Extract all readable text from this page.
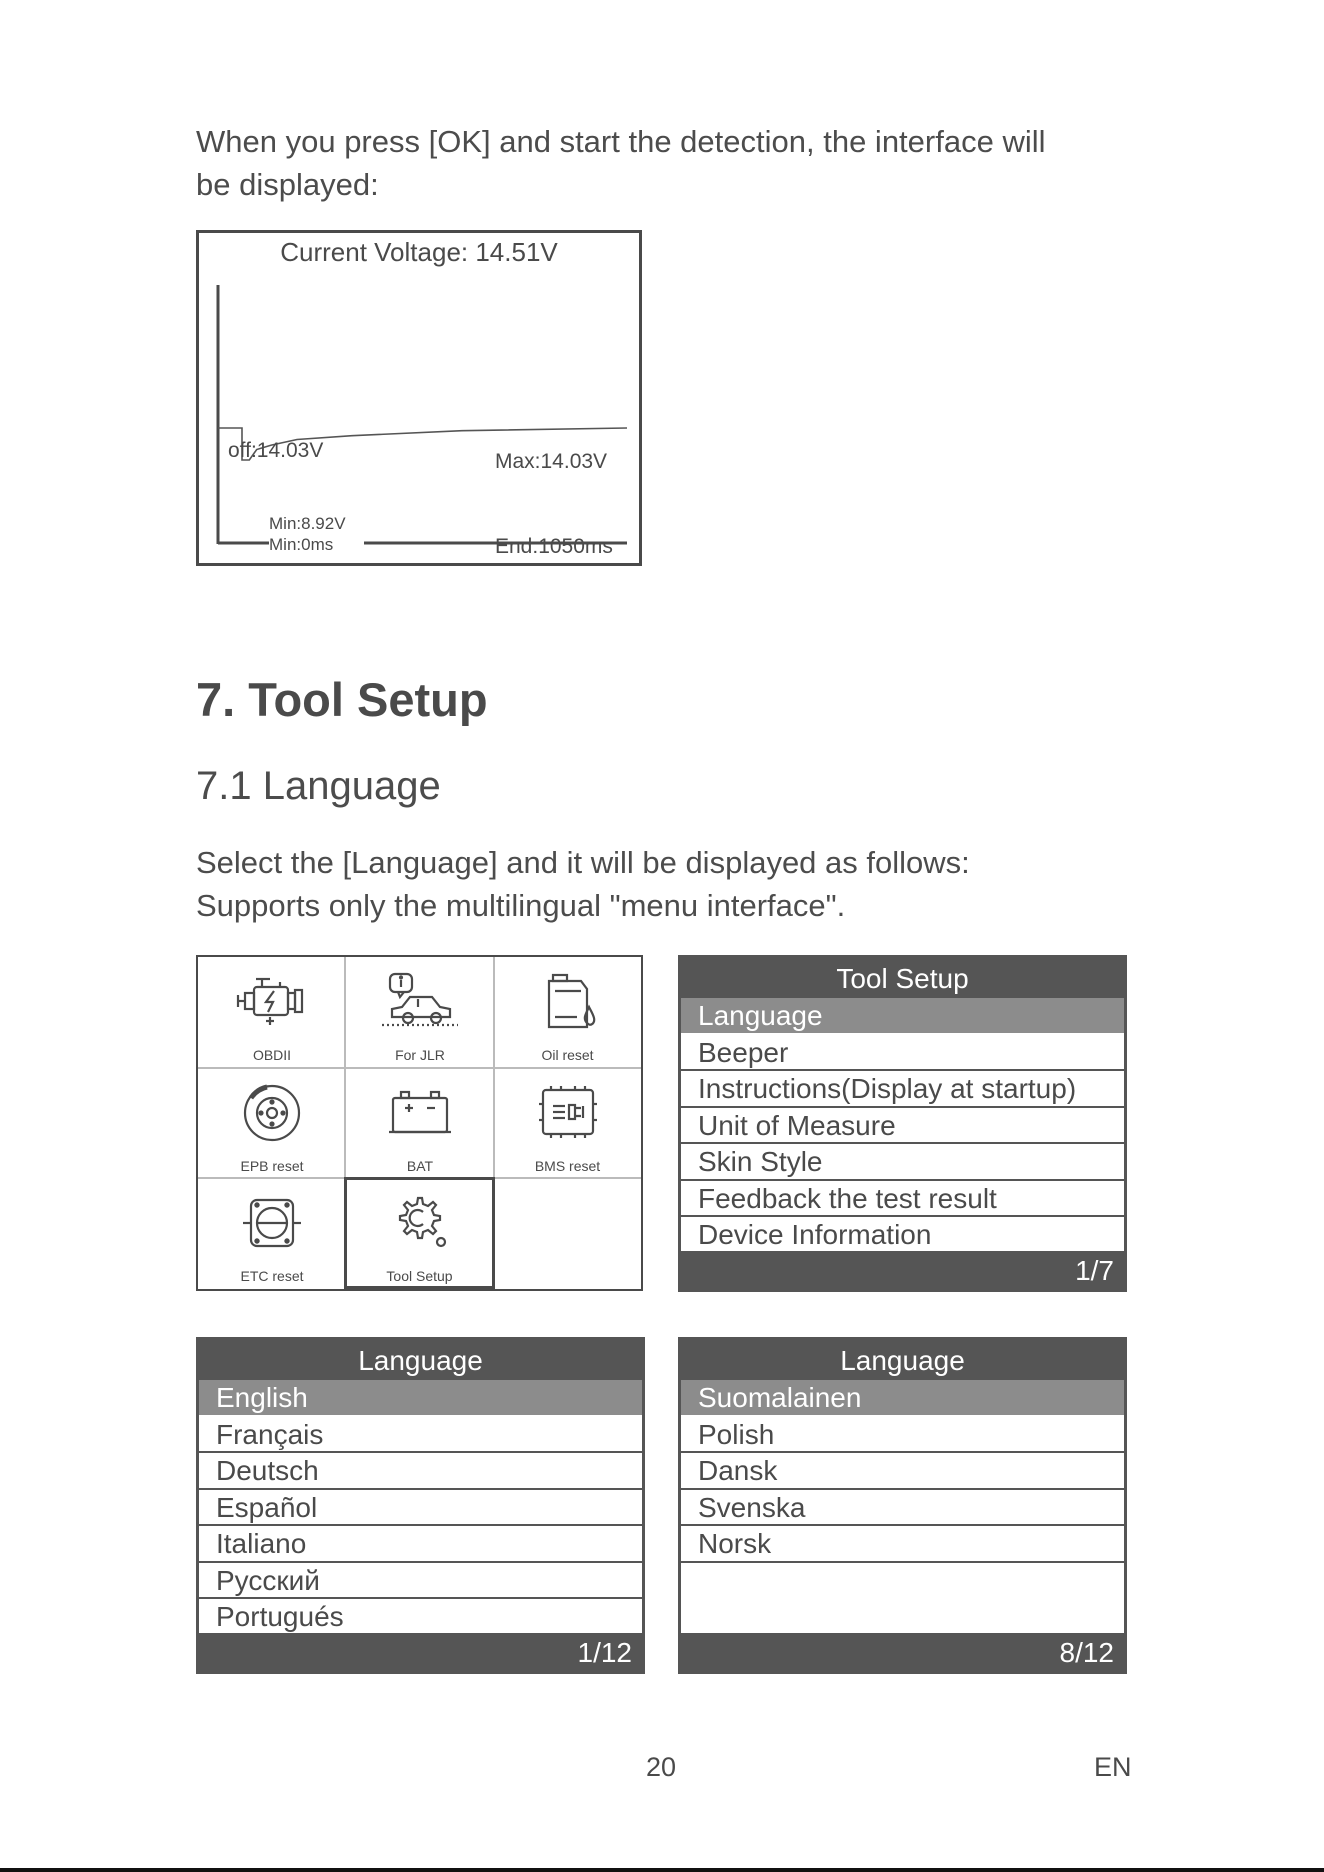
When you press [OK] and start the detection, the interface will
be displayed:
Current Voltage: 14.51V
off:14.03V	Max:14.03V
Min:8.92V
Min:0ms	End:1050ms
7. Tool Setup
7.1 Language
Select the [Language] and it will be displayed as follows:
Supports only the multilingual "menu interface".
OBDII	For JLR	Oil reset
EPB reset	BAT	BMS reset
ETC reset	Tool Setup
Tool Setup
Language
Beeper
Instructions(Display at startup)
Unit of Measure
Skin Style
Feedback the test result
Device Information
1/7
Language
English
Français
Deutsch
Español
Italiano
Русский
Portugués
1/12
Language
Suomalainen
Polish
Dansk
Svenska
Norsk
8/12
20	EN
